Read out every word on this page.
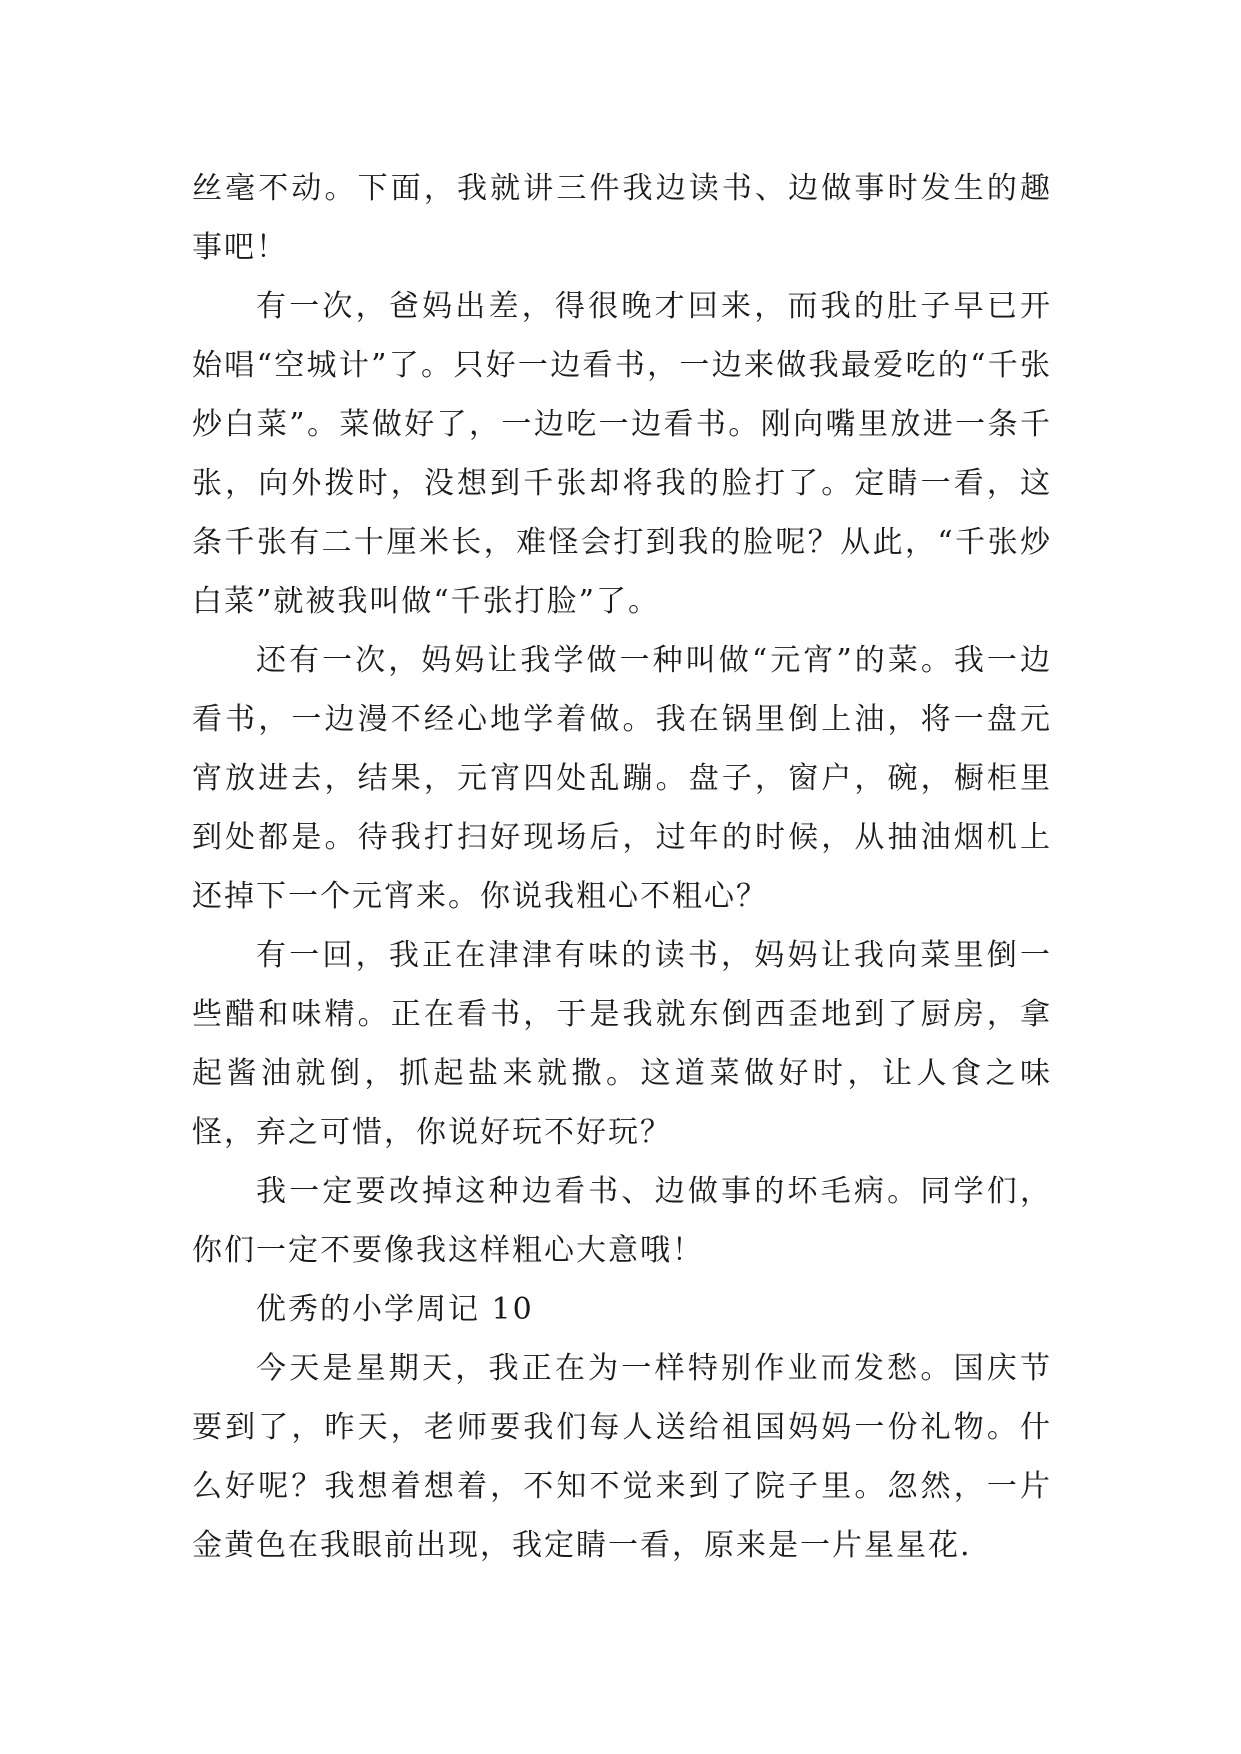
丝毫不动。下面，我就讲三件我边读书、边做事时发生的趣事吧！

有一次，爸妈出差，得很晚才回来，而我的肚子早已开始唱“空城计”了。只好一边看书，一边来做我最爱吃的“千张炒白菜”。菜做好了，一边吃一边看书。刚向嘴里放进一条千张，向外拨时，没想到千张却将我的脸打了。定睛一看，这条千张有二十厘米长，难怪会打到我的脸呢？从此，“千张炒白菜”就被我叫做“千张打脸”了。

还有一次，妈妈让我学做一种叫做“元宵”的菜。我一边看书，一边漫不经心地学着做。我在锅里倒上油，将一盘元宵放进去，结果，元宵四处乱蹦。盘子，窗户，碗，橱柜里到处都是。待我打扫好现场后，过年的时候，从抽油烟机上还掉下一个元宵来。你说我粗心不粗心？

有一回，我正在津津有味的读书，妈妈让我向菜里倒一些醋和味精。正在看书，于是我就东倒西歪地到了厨房，拿起酱油就倒，抓起盐来就撒。这道菜做好时，让人食之味怪，弃之可惜，你说好玩不好玩？

我一定要改掉这种边看书、边做事的坏毛病。同学们，你们一定不要像我这样粗心大意哦！

优秀的小学周记 10

今天是星期天，我正在为一样特别作业而发愁。国庆节要到了，昨天，老师要我们每人送给祖国妈妈一份礼物。什么好呢？我想着想着，不知不觉来到了院子里。忽然，一片金黄色在我眼前出现，我定睛一看，原来是一片星星花.
